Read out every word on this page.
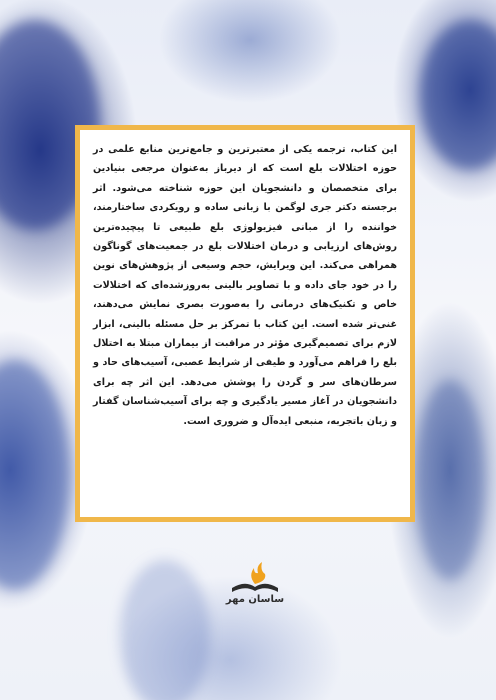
این کتاب، ترجمه یکی از معتبرترین و جامع‌ترین منابع علمی در حوزه اختلالات بلع است که از دیرباز به‌عنوان مرجعی بنیادین برای متخصصان و دانشجویان این حوزه شناخته می‌شود. اثر برجسته دکتر جری لوگمن با زبانی ساده و رویکردی ساختارمند، خواننده را از مبانی فیزیولوژی بلع طبیعی تا پیچیده‌ترین روش‌های ارزیابی و درمان اختلالات بلع در جمعیت‌های گوناگون همراهی می‌کند. این ویرایش، حجم وسیعی از پژوهش‌های نوین را در خود جای داده و با تصاویر بالینی به‌روزشده‌ای که اختلالات خاص و تکنیک‌های درمانی را به‌صورت بصری نمایش می‌دهند، غنی‌تر شده است. این کتاب با تمرکز بر حل مسئله بالینی، ابزار لازم برای تصمیم‌گیری مؤثر در مراقبت از بیماران مبتلا به اختلال بلع را فراهم می‌آورد و طیفی از شرایط عصبی، آسیب‌های حاد و سرطان‌های سر و گردن را پوشش می‌دهد. این اثر چه برای دانشجویان در آغاز مسیر یادگیری و چه برای آسیب‌شناسان گفتار و زبان باتجربه، منبعی ایده‌آل و ضروری است.

ساسان مهر
